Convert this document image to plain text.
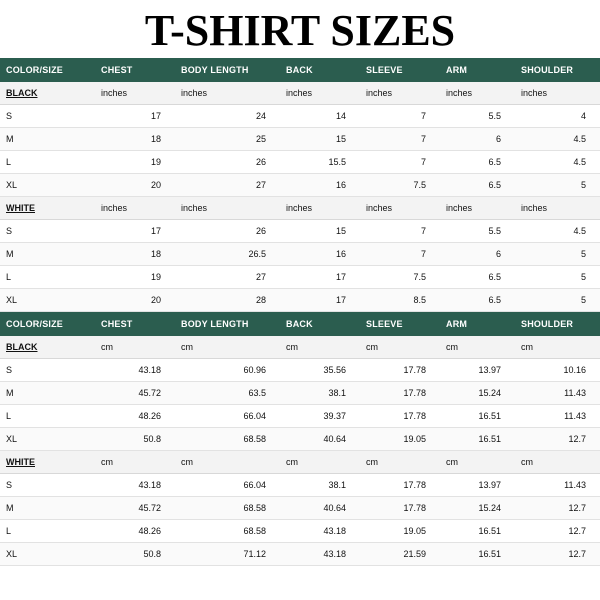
T-SHIRT SIZES
COLOR/SIZE	CHEST	BODY LENGTH	BACK	SLEEVE	ARM	SHOULDER
BLACK	inches	inches	inches	inches	inches	inches
S	17	24	14	7	5.5	4
M	18	25	15	7	6	4.5
L	19	26	15.5	7	6.5	4.5
XL	20	27	16	7.5	6.5	5
WHITE	inches	inches	inches	inches	inches	inches
S	17	26	15	7	5.5	4.5
M	18	26.5	16	7	6	5
L	19	27	17	7.5	6.5	5
XL	20	28	17	8.5	6.5	5
COLOR/SIZE	CHEST	BODY LENGTH	BACK	SLEEVE	ARM	SHOULDER
BLACK	cm	cm	cm	cm	cm	cm
S	43.18	60.96	35.56	17.78	13.97	10.16
M	45.72	63.5	38.1	17.78	15.24	11.43
L	48.26	66.04	39.37	17.78	16.51	11.43
XL	50.8	68.58	40.64	19.05	16.51	12.7
WHITE	cm	cm	cm	cm	cm	cm
S	43.18	66.04	38.1	17.78	13.97	11.43
M	45.72	68.58	40.64	17.78	15.24	12.7
L	48.26	68.58	43.18	19.05	16.51	12.7
XL	50.8	71.12	43.18	21.59	16.51	12.7
